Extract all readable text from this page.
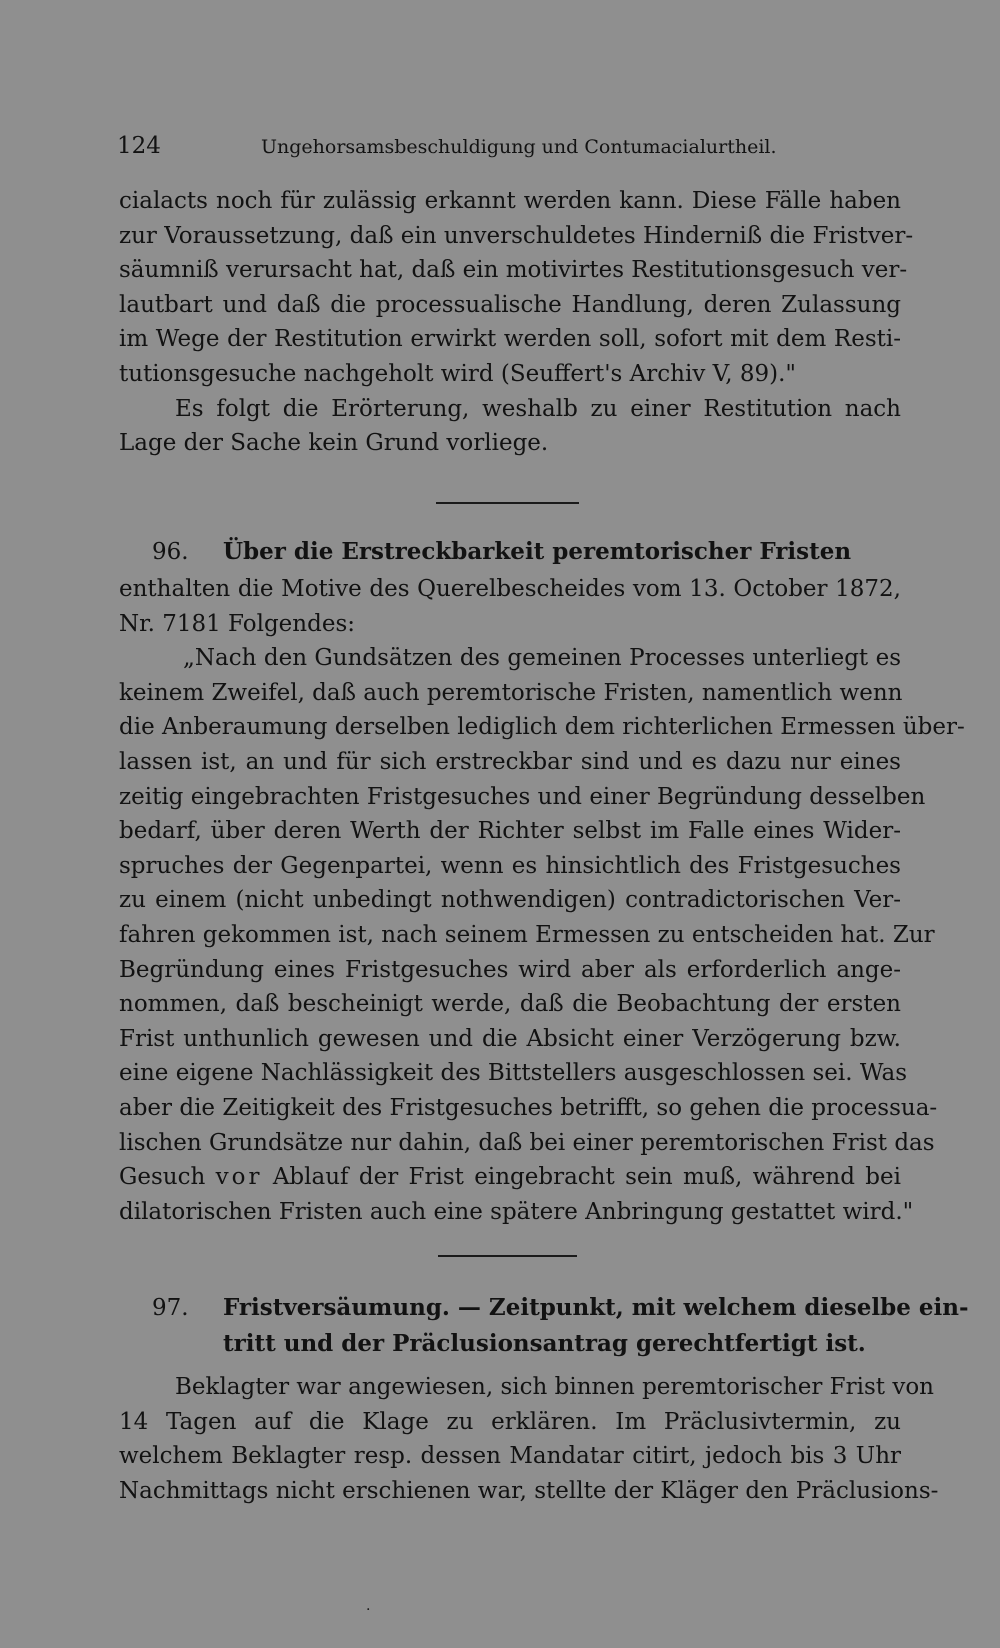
124	Ungehorsamsbeschuldigung und Contumacialurtheil.
cialacts noch für zulässig erkannt werden kann. Diese Fälle haben
zur Voraussetzung, daß ein unverschuldetes Hinderniß die Fristver-
säumniß verursacht hat, daß ein motivirtes Restitutionsgesuch ver-
lautbart und daß die processualische Handlung, deren Zulassung
im Wege der Restitution erwirkt werden soll, sofort mit dem Resti-
tutionsgesuche nachgeholt wird (Seuffert's Archiv V, 89)."
Es folgt die Erörterung, weshalb zu einer Restitution nach
Lage der Sache kein Grund vorliege.
96. Über die Erstreckbarkeit peremtorischer Fristen
enthalten die Motive des Querelbescheides vom 13. October 1872,
Nr. 7181 Folgendes:
„Nach den Gundsätzen des gemeinen Processes unterliegt es
keinem Zweifel, daß auch peremtorische Fristen, namentlich wenn
die Anberaumung derselben lediglich dem richterlichen Ermessen über-
lassen ist, an und für sich erstreckbar sind und es dazu nur eines
zeitig eingebrachten Fristgesuches und einer Begründung desselben
bedarf, über deren Werth der Richter selbst im Falle eines Wider-
spruches der Gegenpartei, wenn es hinsichtlich des Fristgesuches
zu einem (nicht unbedingt nothwendigen) contradictorischen Ver-
fahren gekommen ist, nach seinem Ermessen zu entscheiden hat. Zur
Begründung eines Fristgesuches wird aber als erforderlich ange-
nommen, daß bescheinigt werde, daß die Beobachtung der ersten
Frist unthunlich gewesen und die Absicht einer Verzögerung bzw.
eine eigene Nachlässigkeit des Bittstellers ausgeschlossen sei. Was
aber die Zeitigkeit des Fristgesuches betrifft, so gehen die processua-
lischen Grundsätze nur dahin, daß bei einer peremtorischen Frist das
Gesuch vor Ablauf der Frist eingebracht sein muß, während bei
dilatorischen Fristen auch eine spätere Anbringung gestattet wird."
97. Fristversäumung. — Zeitpunkt, mit welchem dieselbe ein-
tritt und der Präclusionsantrag gerechtfertigt ist.
Beklagter war angewiesen, sich binnen peremtorischer Frist von
14 Tagen auf die Klage zu erklären. Im Präclusivtermin, zu
welchem Beklagter resp. dessen Mandatar citirt, jedoch bis 3 Uhr
Nachmittags nicht erschienen war, stellte der Kläger den Präclusions-
.
